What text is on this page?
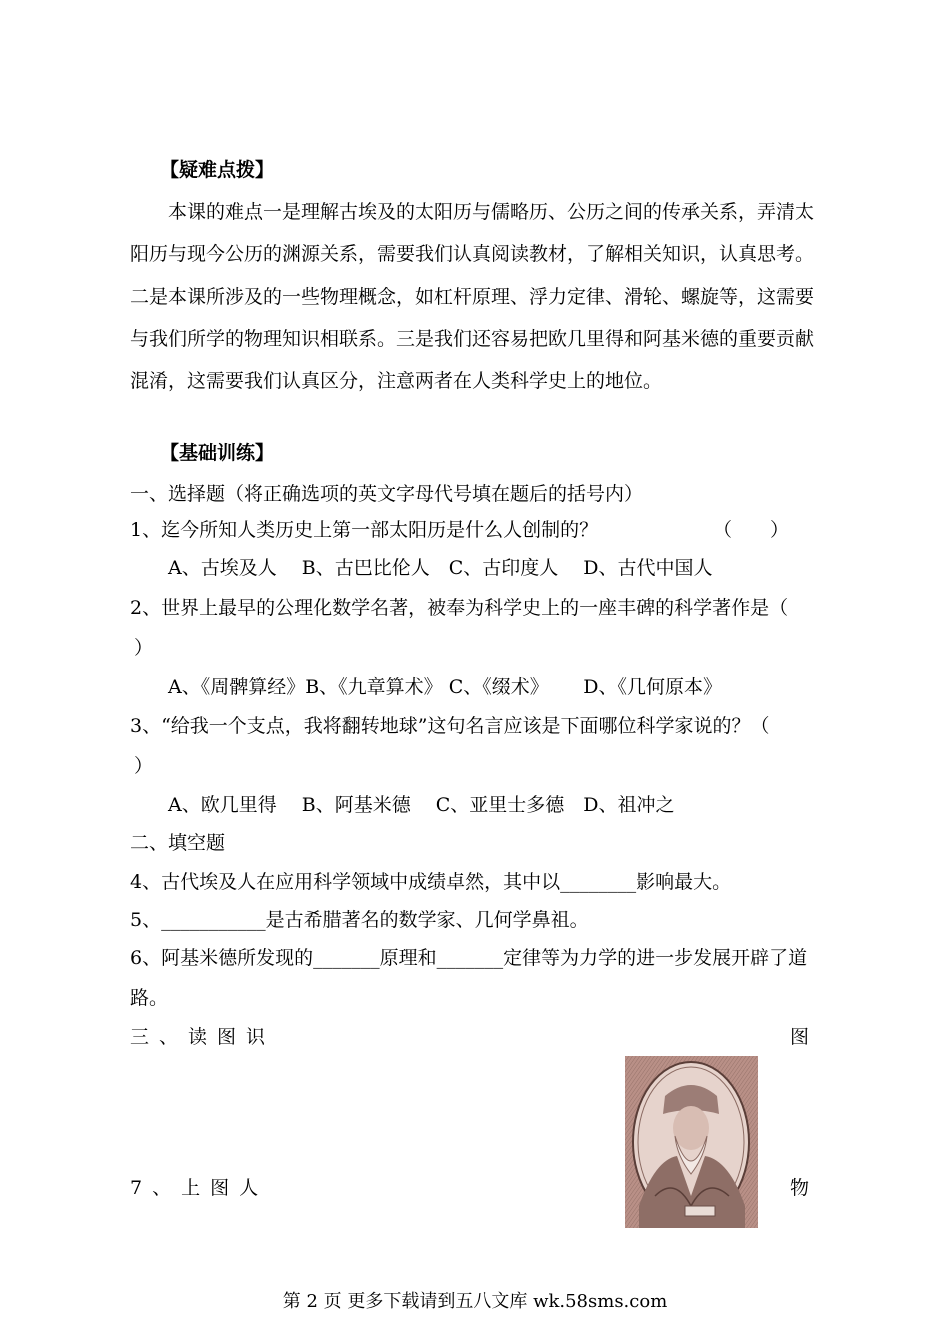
【疑难点拨】
本课的难点一是理解古埃及的太阳历与儒略历、公历之间的传承关系，弄清太
阳历与现今公历的渊源关系，需要我们认真阅读教材，了解相关知识，认真思考。
二是本课所涉及的一些物理概念，如杠杆原理、浮力定律、滑轮、螺旋等，这需要
与我们所学的物理知识相联系。三是我们还容易把欧几里得和阿基米德的重要贡献
混淆，这需要我们认真区分，注意两者在人类科学史上的地位。
【基础训练】
一、选择题（将正确选项的英文字母代号填在题后的括号内）
1、迄今所知人类历史上第一部太阳历是什么人创制的？	（　　）
A、古埃及人　 B、古巴比伦人　C、古印度人　 D、古代中国人
2、世界上最早的公理化数学名著，被奉为科学史上的一座丰碑的科学著作是（
）
A、《周髀算经》B、《九章算术》 C、《缀术》　　 D、《几何原本》
3、“给我一个支点，我将翻转地球”这句名言应该是下面哪位科学家说的？（
）
A、欧几里得　 B、阿基米德　 C、亚里士多德　D、祖冲之
二、填空题
4、古代埃及人在应用科学领域中成绩卓然，其中以________影响最大。
5、___________是古希腊著名的数学家、几何学鼻祖。
6、阿基米德所发现的_______原理和_______定律等为力学的进一步发展开辟了道
路。
三、读图识	图
7、上图人	物
第 2 页 更多下载请到五八文库 wk.58sms.com
